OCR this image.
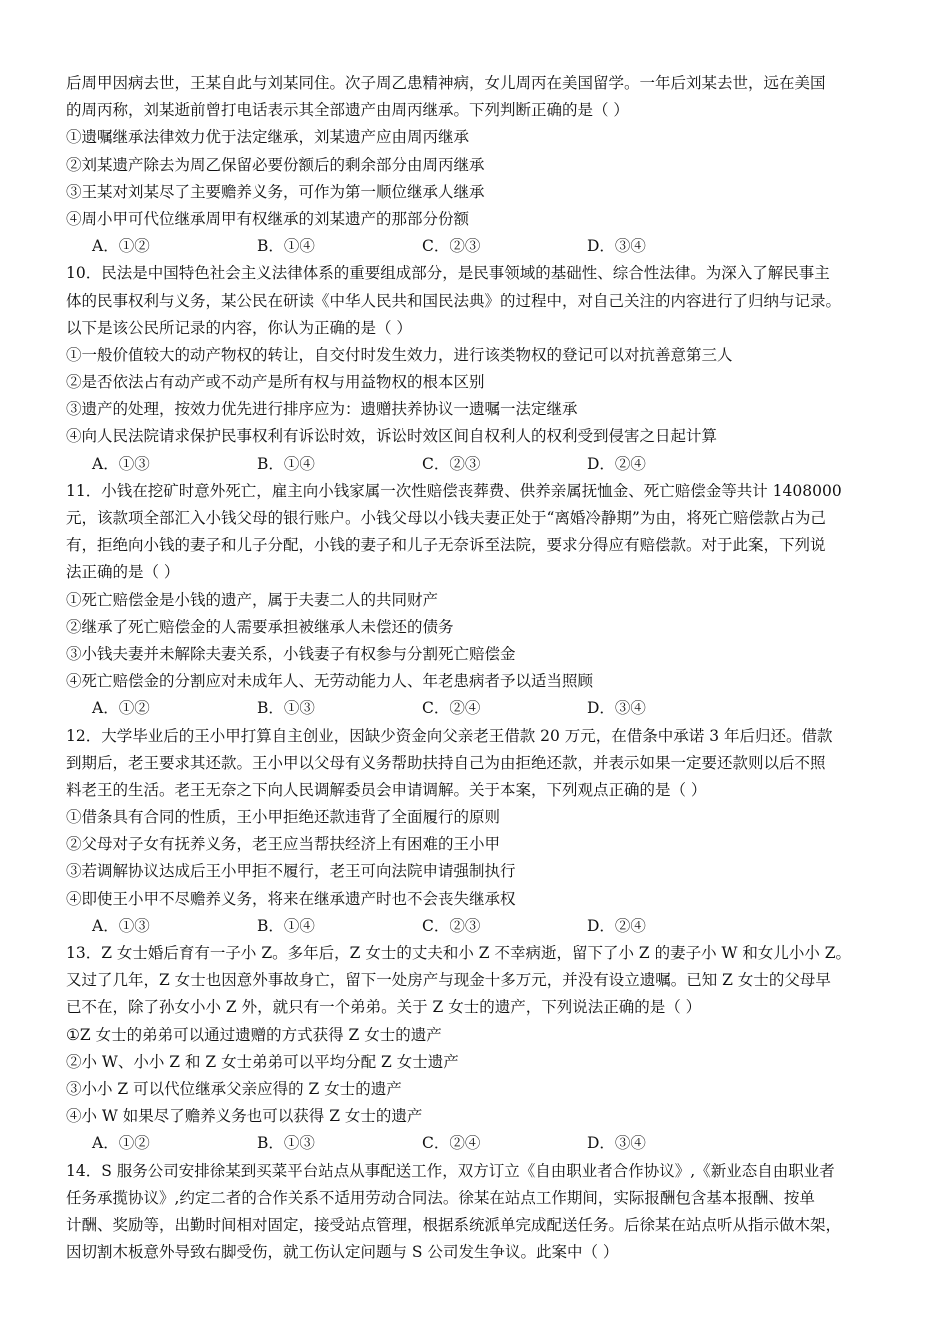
后周甲因病去世，王某自此与刘某同住。次子周乙患精神病，女儿周丙在美国留学。一年后刘某去世，远在美国
的周丙称，刘某逝前曾打电话表示其全部遗产由周丙继承。下列判断正确的是（ ）
①遗嘱继承法律效力优于法定继承，刘某遗产应由周丙继承
②刘某遗产除去为周乙保留必要份额后的剩余部分由周丙继承
③王某对刘某尽了主要赡养义务，可作为第一顺位继承人继承
④周小甲可代位继承周甲有权继承的刘某遗产的那部分份额
A．①②	B．①④	C．②③	D．③④
10．民法是中国特色社会主义法律体系的重要组成部分，是民事领域的基础性、综合性法律。为深入了解民事主
体的民事权利与义务，某公民在研读《中华人民共和国民法典》的过程中，对自己关注的内容进行了归纳与记录。
以下是该公民所记录的内容，你认为正确的是（ ）
①一般价值较大的动产物权的转让，自交付时发生效力，进行该类物权的登记可以对抗善意第三人
②是否依法占有动产或不动产是所有权与用益物权的根本区别
③遗产的处理，按效力优先进行排序应为：遗赠扶养协议一遗嘱一法定继承
④向人民法院请求保护民事权利有诉讼时效，诉讼时效区间自权利人的权利受到侵害之日起计算
A．①③	B．①④	C．②③	D．②④
11．小钱在挖矿时意外死亡，雇主向小钱家属一次性赔偿丧葬费、供养亲属抚恤金、死亡赔偿金等共计 1408000
元，该款项全部汇入小钱父母的银行账户。小钱父母以小钱夫妻正处于“离婚冷静期”为由，将死亡赔偿款占为己
有，拒绝向小钱的妻子和儿子分配，小钱的妻子和儿子无奈诉至法院，要求分得应有赔偿款。对于此案，下列说
法正确的是（ ）
①死亡赔偿金是小钱的遗产，属于夫妻二人的共同财产
②继承了死亡赔偿金的人需要承担被继承人未偿还的债务
③小钱夫妻并未解除夫妻关系，小钱妻子有权参与分割死亡赔偿金
④死亡赔偿金的分割应对未成年人、无劳动能力人、年老患病者予以适当照顾
A．①②	B．①③	C．②④	D．③④
12．大学毕业后的王小甲打算自主创业，因缺少资金向父亲老王借款 20 万元，在借条中承诺 3 年后归还。借款
到期后，老王要求其还款。王小甲以父母有义务帮助扶持自己为由拒绝还款，并表示如果一定要还款则以后不照
料老王的生活。老王无奈之下向人民调解委员会申请调解。关于本案，下列观点正确的是（ ）
①借条具有合同的性质，王小甲拒绝还款违背了全面履行的原则
②父母对子女有抚养义务，老王应当帮扶经济上有困难的王小甲
③若调解协议达成后王小甲拒不履行，老王可向法院申请强制执行
④即使王小甲不尽赡养义务，将来在继承遗产时也不会丧失继承权
A．①③	B．①④	C．②③	D．②④
13．Z 女士婚后育有一子小 Z。多年后，Z 女士的丈夫和小 Z 不幸病逝，留下了小 Z 的妻子小 W 和女儿小小 Z。
又过了几年，Z 女士也因意外事故身亡，留下一处房产与现金十多万元，并没有设立遗嘱。已知 Z 女士的父母早
已不在，除了孙女小小 Z 外，就只有一个弟弟。关于 Z 女士的遗产，下列说法正确的是（ ）
①Z 女士的弟弟可以通过遗赠的方式获得 Z 女士的遗产
②小 W、小小 Z 和 Z 女士弟弟可以平均分配 Z 女士遗产
③小小 Z 可以代位继承父亲应得的 Z 女士的遗产
④小 W 如果尽了赡养义务也可以获得 Z 女士的遗产
A．①②	B．①③	C．②④	D．③④
14．S 服务公司安排徐某到买菜平台站点从事配送工作，双方订立《自由职业者合作协议》,《新业态自由职业者
任务承揽协议》,约定二者的合作关系不适用劳动合同法。徐某在站点工作期间，实际报酬包含基本报酬、按单
计酬、奖励等，出勤时间相对固定，接受站点管理，根据系统派单完成配送任务。后徐某在站点听从指示做木架，
因切割木板意外导致右脚受伤，就工伤认定问题与 S 公司发生争议。此案中（ ）
